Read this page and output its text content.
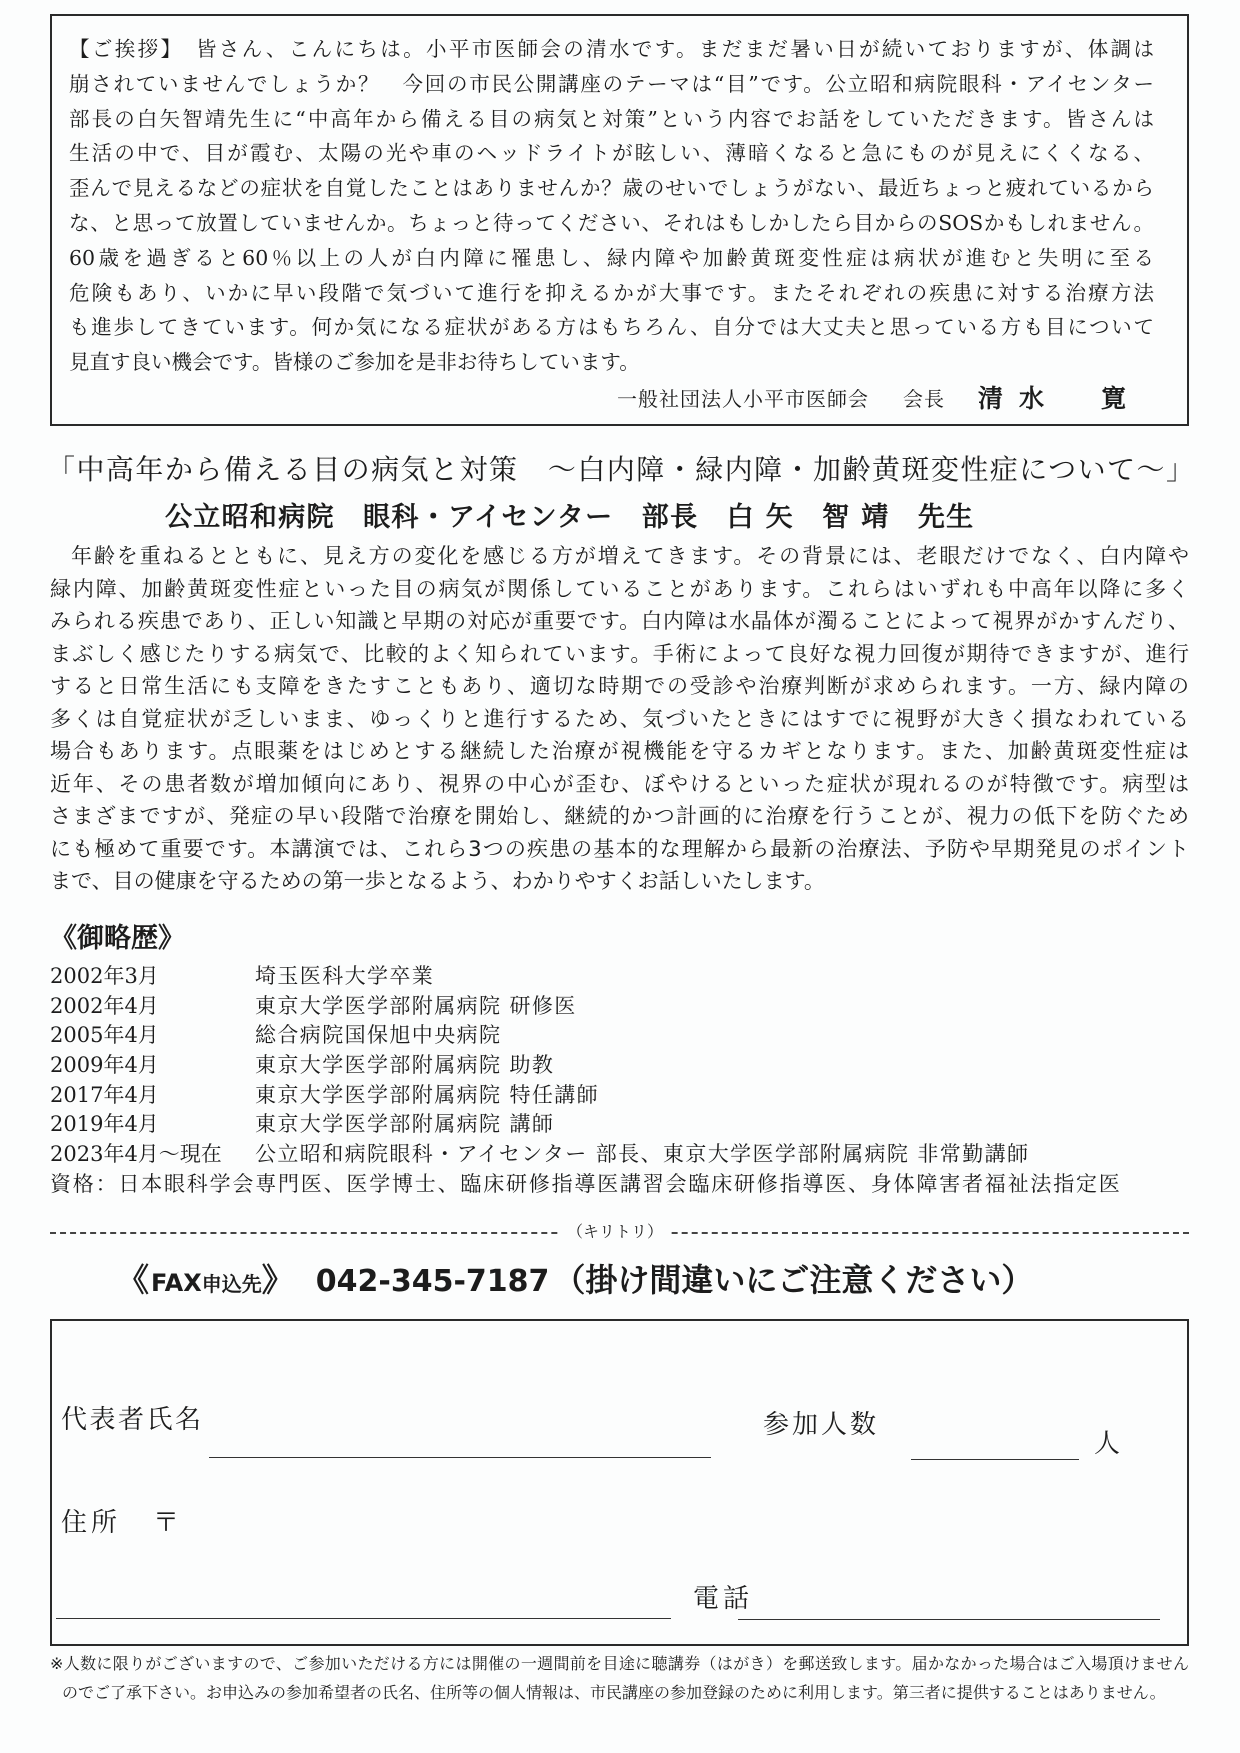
【ご挨拶】　皆さん、こんにちは。小平市医師会の清水です。まだまだ暑い日が続いておりますが、体調は
崩されていませんでしょうか？　今回の市民公開講座のテーマは“目”です。公立昭和病院眼科・アイセンター
部長の白矢智靖先生に“中高年から備える目の病気と対策”という内容でお話をしていただきます。皆さんは
生活の中で、目が霞む、太陽の光や車のヘッドライトが眩しい、薄暗くなると急にものが見えにくくなる、
歪んで見えるなどの症状を自覚したことはありませんか？歳のせいでしょうがない、最近ちょっと疲れているから
な、と思って放置していませんか。ちょっと待ってください、それはもしかしたら目からのSOSかもしれません。
60歳を過ぎると60％以上の人が白内障に罹患し、緑内障や加齢黄斑変性症は病状が進むと失明に至る
危険もあり、いかに早い段階で気づいて進行を抑えるかが大事です。またそれぞれの疾患に対する治療方法
も進歩してきています。何か気になる症状がある方はもちろん、自分では大丈夫と思っている方も目について
見直す良い機会です。皆様のご参加を是非お待ちしています。
一般社団法人小平市医師会 会長 清水　寛
「中高年から備える目の病気と対策　～白内障・緑内障・加齢黄斑変性症について～」
公立昭和病院　眼科・アイセンター　部長　白 矢　智 靖　先生
年齢を重ねるとともに、見え方の変化を感じる方が増えてきます。その背景には、老眼だけでなく、白内障や
緑内障、加齢黄斑変性症といった目の病気が関係していることがあります。これらはいずれも中高年以降に多く
みられる疾患であり、正しい知識と早期の対応が重要です。白内障は水晶体が濁ることによって視界がかすんだり、
まぶしく感じたりする病気で、比較的よく知られています。手術によって良好な視力回復が期待できますが、進行
すると日常生活にも支障をきたすこともあり、適切な時期での受診や治療判断が求められます。一方、緑内障の
多くは自覚症状が乏しいまま、ゆっくりと進行するため、気づいたときにはすでに視野が大きく損なわれている
場合もあります。点眼薬をはじめとする継続した治療が視機能を守るカギとなります。また、加齢黄斑変性症は
近年、その患者数が増加傾向にあり、視界の中心が歪む、ぼやけるといった症状が現れるのが特徴です。病型は
さまざまですが、発症の早い段階で治療を開始し、継続的かつ計画的に治療を行うことが、視力の低下を防ぐため
にも極めて重要です。本講演では、これら3つの疾患の基本的な理解から最新の治療法、予防や早期発見のポイント
まで、目の健康を守るための第一歩となるよう、わかりやすくお話しいたします。
《御略歴》
2002年3月	埼玉医科大学卒業
2002年4月	東京大学医学部附属病院 研修医
2005年4月	総合病院国保旭中央病院
2009年4月	東京大学医学部附属病院 助教
2017年4月	東京大学医学部附属病院 特任講師
2019年4月	東京大学医学部附属病院 講師
2023年4月～現在 公立昭和病院眼科・アイセンター 部長、東京大学医学部附属病院 非常勤講師
資格：日本眼科学会専門医、医学博士、臨床研修指導医講習会臨床研修指導医、身体障害者福祉法指定医
（キリトリ）
《FAX申込先》 042-345-7187 （掛け間違いにご注意ください）
代表者氏名	参加人数
人
住所 〒
電話
※人数に限りがございますので、ご参加いただける方には開催の一週間前を目途に聴講券（はがき）を郵送致します。届かなかった場合はご入場頂けません
のでご了承下さい。お申込みの参加希望者の氏名、住所等の個人情報は、市民講座の参加登録のために利用します。第三者に提供することはありません。
